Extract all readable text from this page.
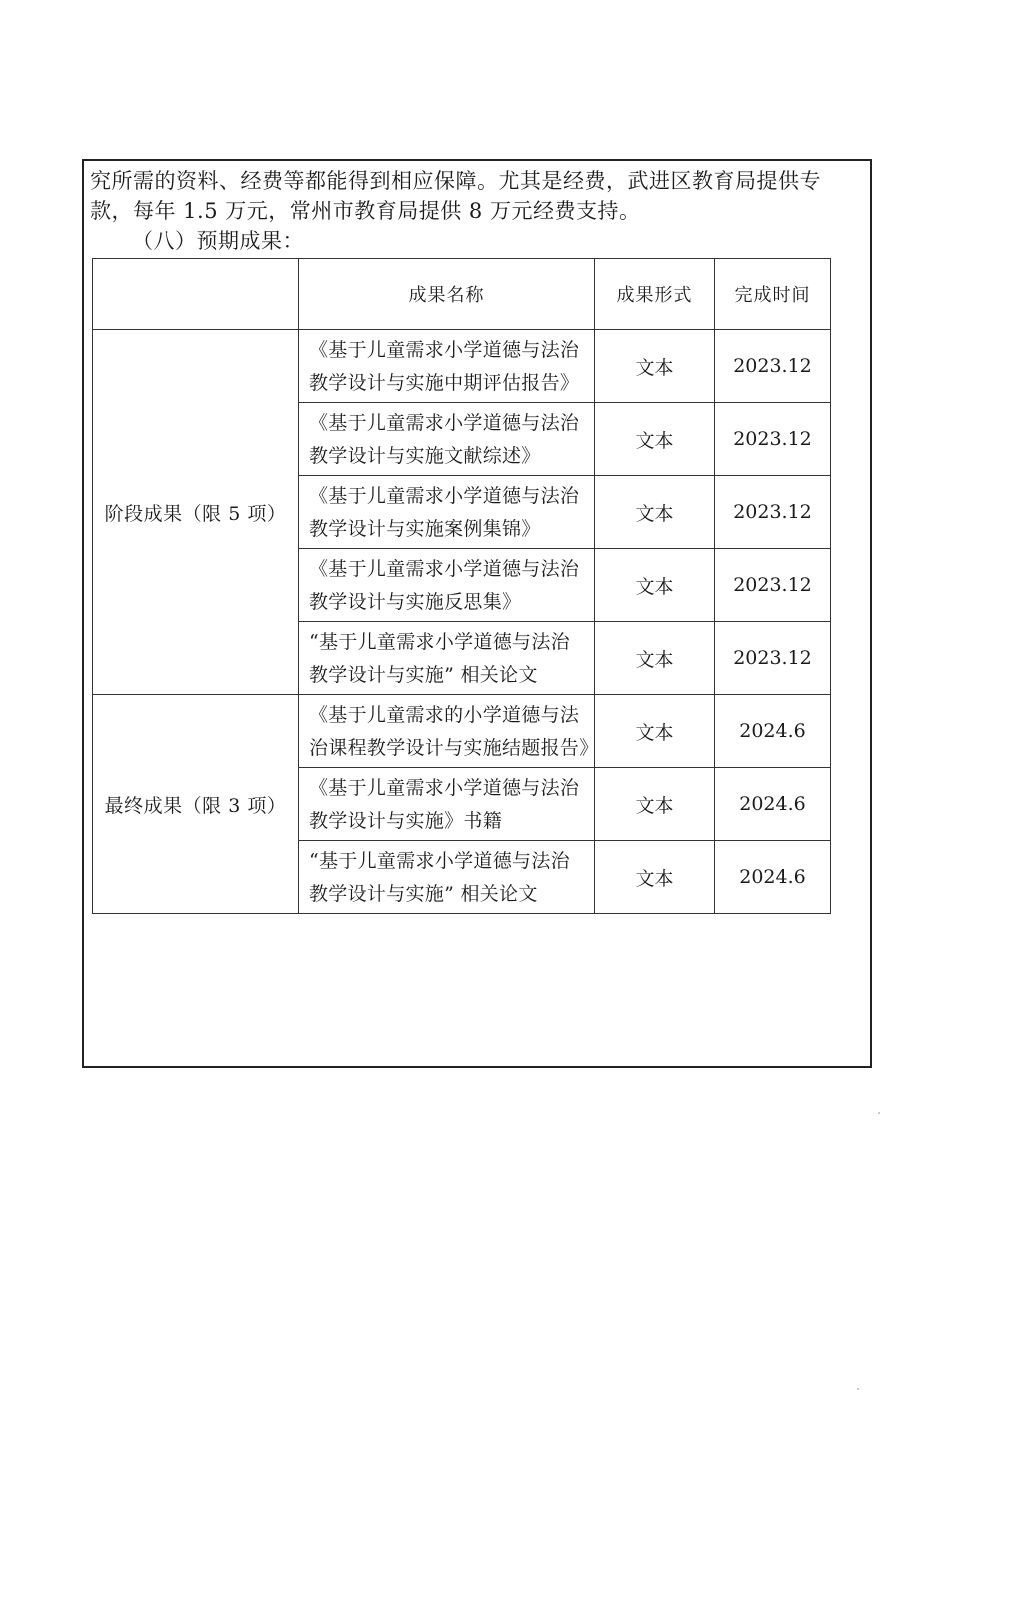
究所需的资料、经费等都能得到相应保障。尤其是经费，武进区教育局提供专
款，每年 1.5 万元，常州市教育局提供 8 万元经费支持。
（八）预期成果：
	成果名称	成果形式	完成时间
阶段成果（限 5 项）	《基于儿童需求小学道德与法治
教学设计与实施中期评估报告》	文本	2023.12

	《基于儿童需求小学道德与法治
教学设计与实施文献综述》	文本	2023.12

	《基于儿童需求小学道德与法治
教学设计与实施案例集锦》	文本	2023.12

	《基于儿童需求小学道德与法治
教学设计与实施反思集》	文本	2023.12

	“基于儿童需求小学道德与法治
教学设计与实施” 相关论文	文本	2023.12
最终成果（限 3 项）	《基于儿童需求的小学道德与法
治课程教学设计与实施结题报告》	文本	2024.6

	《基于儿童需求小学道德与法治
教学设计与实施》书籍	文本	2024.6

	“基于儿童需求小学道德与法治
教学设计与实施” 相关论文	文本	2024.6
